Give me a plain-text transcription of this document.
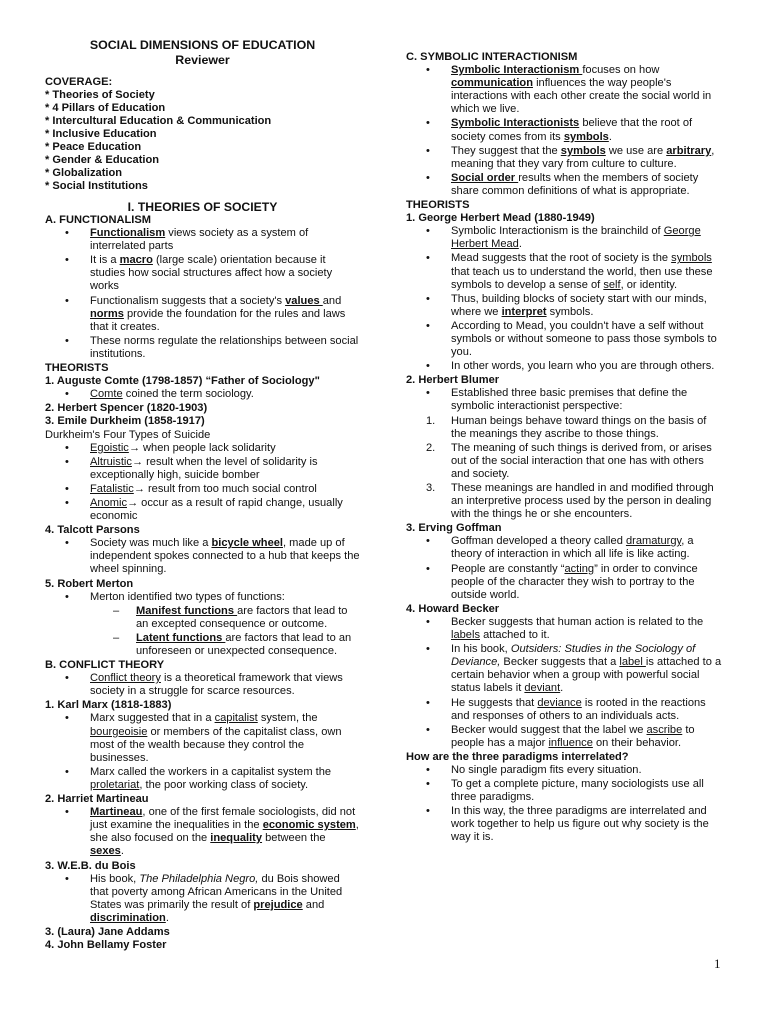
SOCIAL DIMENSIONS OF EDUCATION
Reviewer
COVERAGE:
* Theories of Society
* 4 Pillars of Education
* Intercultural Education & Communication
* Inclusive Education
* Peace Education
* Gender & Education
* Globalization
* Social Institutions
I. THEORIES OF SOCIETY
A. FUNCTIONALISM
• Functionalism views society as a system of interrelated parts
• It is a macro (large scale) orientation because it studies how social structures affect how a society works
• Functionalism suggests that a society's values and norms provide the foundation for the rules and laws that it creates.
• These norms regulate the relationships between social institutions.
THEORISTS
1. Auguste Comte (1798-1857) “Father of Sociology"
• Comte coined the term sociology.
2. Herbert Spencer (1820-1903)
3. Emile Durkheim (1858-1917)
Durkheim's Four Types of Suicide
• Egoistic→ when people lack solidarity
• Altruistic→ result when the level of solidarity is exceptionally high, suicide bomber
• Fatalistic→ result from too much social control
• Anomic→ occur as a result of rapid change, usually economic
4. Talcott Parsons
• Society was much like a bicycle wheel, made up of independent spokes connected to a hub that keeps the wheel spinning.
5. Robert Merton
• Merton identified two types of functions:
– Manifest functions are factors that lead to an excepted consequence or outcome.
– Latent functions are factors that lead to an unforeseen or unexpected consequence.
B. CONFLICT THEORY
• Conflict theory is a theoretical framework that views society in a struggle for scarce resources.
1. Karl Marx (1818-1883)
• Marx suggested that in a capitalist system, the bourgeoisie or members of the capitalist class, own most of the wealth because they control the businesses.
• Marx called the workers in a capitalist system the proletariat, the poor working class of society.
2. Harriet Martineau
• Martineau, one of the first female sociologists, did not just examine the inequalities in the economic system, she also focused on the inequality between the sexes.
3. W.E.B. du Bois
• His book, The Philadelphia Negro, du Bois showed that poverty among African Americans in the United States was primarily the result of prejudice and discrimination.
3. (Laura) Jane Addams
4. John Bellamy Foster
C. SYMBOLIC INTERACTIONISM
• Symbolic Interactionism focuses on how communication influences the way people's interactions with each other create the social world in which we live.
• Symbolic Interactionists believe that the root of society comes from its symbols.
• They suggest that the symbols we use are arbitrary, meaning that they vary from culture to culture.
• Social order results when the members of society share common definitions of what is appropriate.
THEORISTS
1. George Herbert Mead (1880-1949)
• Symbolic Interactionism is the brainchild of George Herbert Mead.
• Mead suggests that the root of society is the symbols that teach us to understand the world, then use these symbols to develop a sense of self, or identity.
• Thus, building blocks of society start with our minds, where we interpret symbols.
• According to Mead, you couldn't have a self without symbols or without someone to pass those symbols to you.
• In other words, you learn who you are through others.
2. Herbert Blumer
• Established three basic premises that define the symbolic interactionist perspective:
1. Human beings behave toward things on the basis of the meanings they ascribe to those things.
2. The meaning of such things is derived from, or arises out of the social interaction that one has with others and society.
3. These meanings are handled in and modified through an interpretive process used by the person in dealing with the things he or she encounters.
3. Erving Goffman
• Goffman developed a theory called dramaturgy, a theory of interaction in which all life is like acting.
• People are constantly “acting” in order to convince people of the character they wish to portray to the outside world.
4. Howard Becker
• Becker suggests that human action is related to the labels attached to it.
• In his book, Outsiders: Studies in the Sociology of Deviance, Becker suggests that a label is attached to a certain behavior when a group with powerful social status labels it deviant.
• He suggests that deviance is rooted in the reactions and responses of others to an individuals acts.
• Becker would suggest that the label we ascribe to people has a major influence on their behavior.
How are the three paradigms interrelated?
• No single paradigm fits every situation.
• To get a complete picture, many sociologists use all three paradigms.
• In this way, the three paradigms are interrelated and work together to help us figure out why society is the way it is.
1
